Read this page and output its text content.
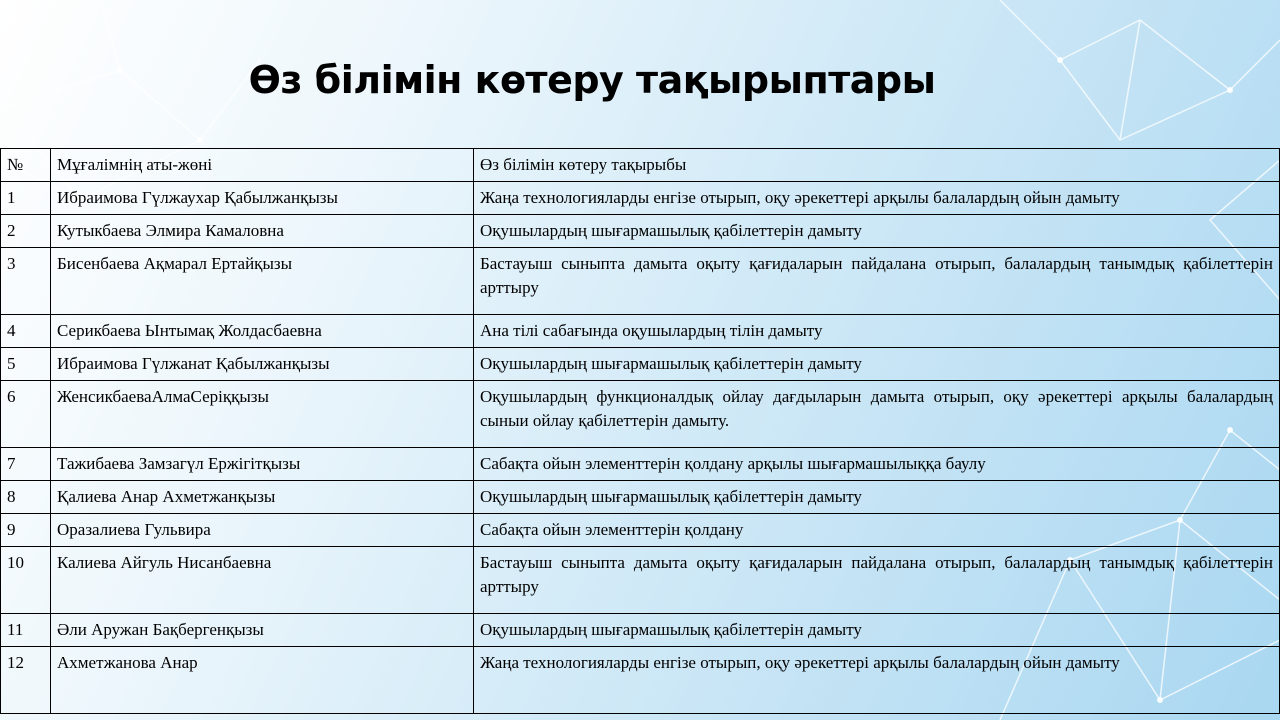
Өз білімін көтеру тақырыптары
№	Мұғалімнің аты-жөні	Өз білімін көтеру тақырыбы
1	Ибраимова Гүлжаухар Қабылжанқызы	Жаңа технологияларды енгізе отырып, оқу әрекеттері арқылы балалардың ойын дамыту
2	Кутыкбаева Элмира Камаловна	Оқушылардың шығармашылық қабілеттерін дамыту
3	Бисенбаева Ақмарал Ертайқызы	Бастауыш сыныпта дамыта оқыту қағидаларын пайдалана отырып, балалардың танымдық қабілеттерін арттыру
4	Серикбаева Ынтымақ Жолдасбаевна	Ана тілі сабағында оқушылардың тілін дамыту
5	Ибраимова Гүлжанат Қабылжанқызы	Оқушылардың шығармашылық қабілеттерін дамыту
6	ЖенсикбаеваАлмаСеріққызы	Оқушылардың функционалдық ойлау дағдыларын дамыта отырып, оқу әрекеттері арқылы балалардың сыныи ойлау қабілеттерін дамыту.
7	Тажибаева Замзагүл Ержігітқызы	Сабақта ойын элементтерін қолдану арқылы шығармашылыққа баулу
8	Қалиева Анар Ахметжанқызы	Оқушылардың шығармашылық қабілеттерін дамыту
9	Оразалиева Гульвира	Сабақта ойын элементтерін қолдану
10	Калиева Айгуль Нисанбаевна	Бастауыш сыныпта дамыта оқыту қағидаларын пайдалана отырып, балалардың танымдық қабілеттерін арттыру
11	Әли Аружан Бақбергенқызы	Оқушылардың шығармашылық қабілеттерін дамыту
12	Ахметжанова Анар	Жаңа технологияларды енгізе отырып, оқу әрекеттері арқылы балалардың ойын дамыту
